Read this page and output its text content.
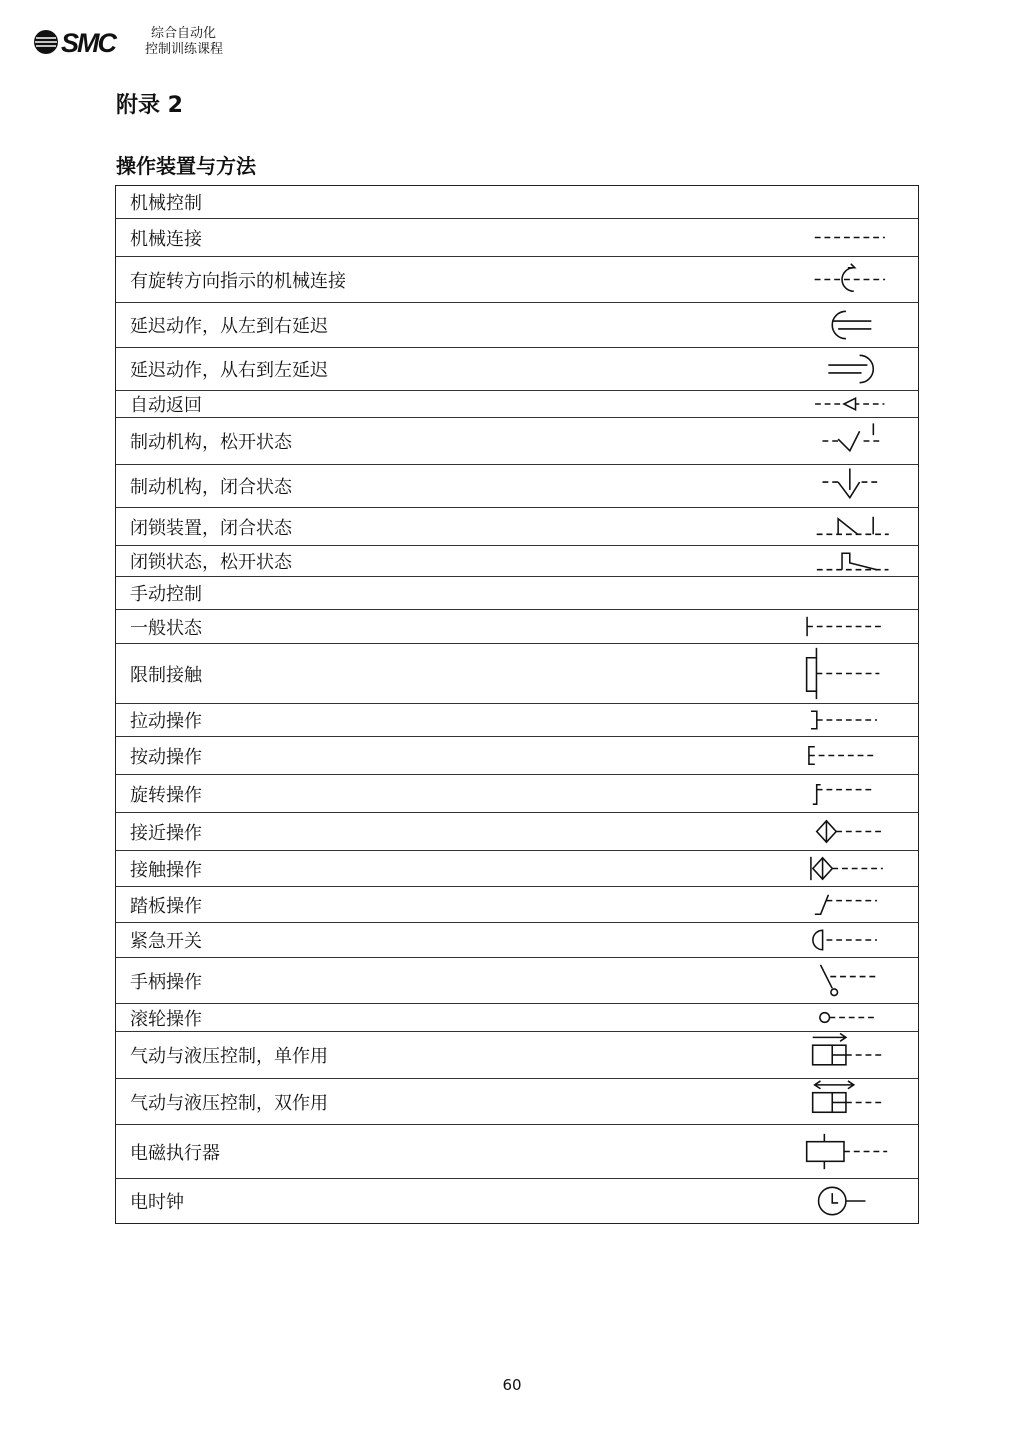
SMC	综合自动化
控制训练课程
附录 2
操作装置与方法
机械控制
机械连接
有旋转方向指示的机械连接
延迟动作，从左到右延迟
延迟动作，从右到左延迟
自动返回
制动机构，松开状态
制动机构，闭合状态
闭锁装置，闭合状态
闭锁状态，松开状态
手动控制
一般状态
限制接触
拉动操作
按动操作
旋转操作
接近操作
接触操作
踏板操作
紧急开关
手柄操作
滚轮操作
气动与液压控制，单作用
气动与液压控制，双作用
电磁执行器
电时钟
60
